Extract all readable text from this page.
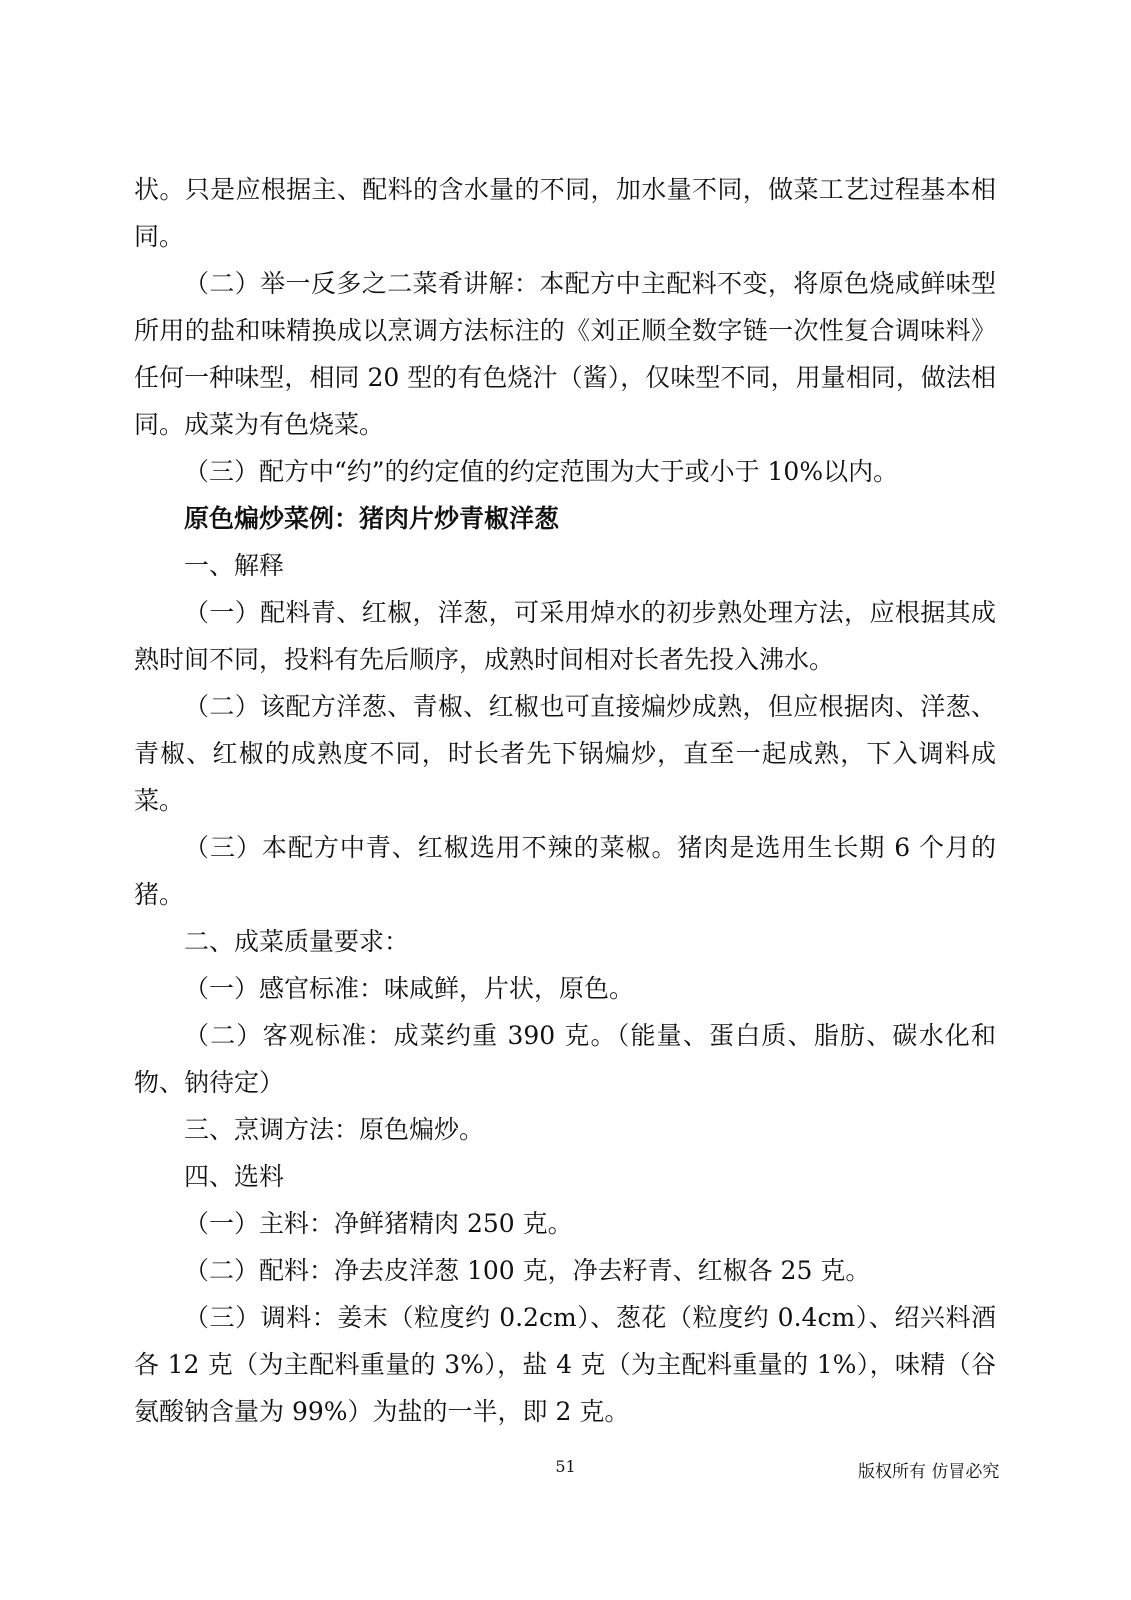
状。只是应根据主、配料的含水量的不同，加水量不同，做菜工艺过程基本相同。

（二）举一反多之二菜肴讲解：本配方中主配料不变，将原色烧咸鲜味型所用的盐和味精换成以烹调方法标注的《刘正顺全数字链一次性复合调味料》任何一种味型，相同 20 型的有色烧汁（酱），仅味型不同，用量相同，做法相同。成菜为有色烧菜。

（三）配方中“约”的约定值的约定范围为大于或小于 10%以内。

原色煸炒菜例：猪肉片炒青椒洋葱

一、解释

（一）配料青、红椒，洋葱，可采用焯水的初步熟处理方法，应根据其成熟时间不同，投料有先后顺序，成熟时间相对长者先投入沸水。

（二）该配方洋葱、青椒、红椒也可直接煸炒成熟，但应根据肉、洋葱、青椒、红椒的成熟度不同，时长者先下锅煸炒，直至一起成熟，下入调料成菜。

（三）本配方中青、红椒选用不辣的菜椒。猪肉是选用生长期 6 个月的猪。

二、成菜质量要求：

（一）感官标准：味咸鲜，片状，原色。

（二）客观标准：成菜约重 390 克。（能量、蛋白质、脂肪、碳水化和物、钠待定）

三、烹调方法：原色煸炒。

四、选料

（一）主料：净鲜猪精肉 250 克。

（二）配料：净去皮洋葱 100 克，净去籽青、红椒各 25 克。

（三）调料：姜末（粒度约 0.2cm）、葱花（粒度约 0.4cm）、绍兴料酒各 12 克（为主配料重量的 3%），盐 4 克（为主配料重量的 1%），味精（谷氨酸钠含量为 99%）为盐的一半，即 2 克。

51	版权所有 仿冒必究
